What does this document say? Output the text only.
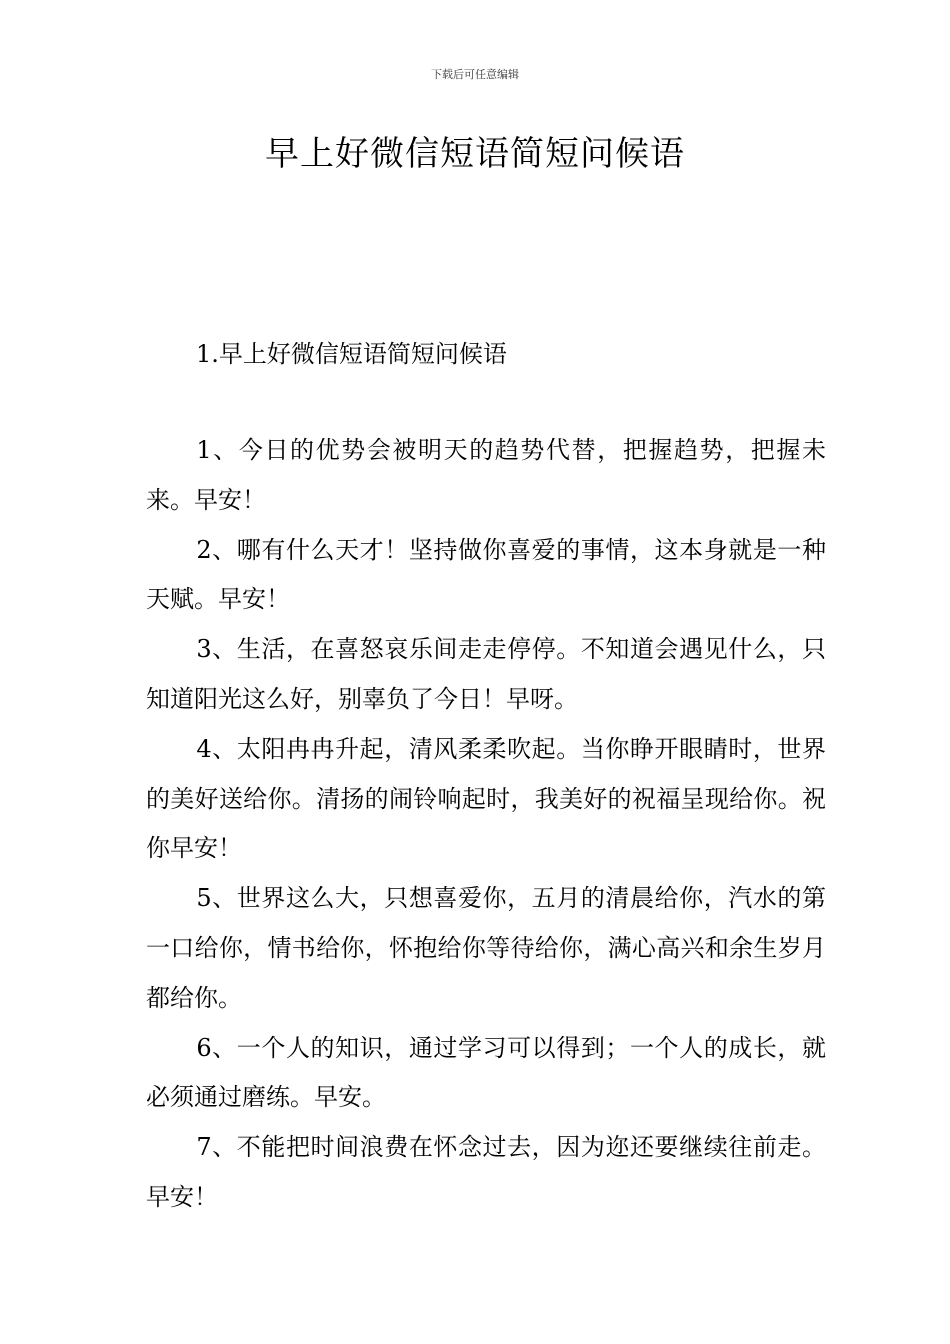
下载后可任意编辑
早上好微信短语简短问候语
1.早上好微信短语简短问候语

1、今日的优势会被明天的趋势代替，把握趋势，把握未来。早安！

2、哪有什么天才！坚持做你喜爱的事情，这本身就是一种天赋。早安！

3、生活，在喜怒哀乐间走走停停。不知道会遇见什么，只知道阳光这么好，别辜负了今日！早呀。

4、太阳冉冉升起，清风柔柔吹起。当你睁开眼睛时，世界的美好送给你。清扬的闹铃响起时，我美好的祝福呈现给你。祝你早安！

5、世界这么大，只想喜爱你，五月的清晨给你，汽水的第一口给你，情书给你，怀抱给你等待给你，满心高兴和余生岁月都给你。

6、一个人的知识，通过学习可以得到；一个人的成长，就必须通过磨练。早安。

7、不能把时间浪费在怀念过去，因为迩还要继续往前走。早安！
